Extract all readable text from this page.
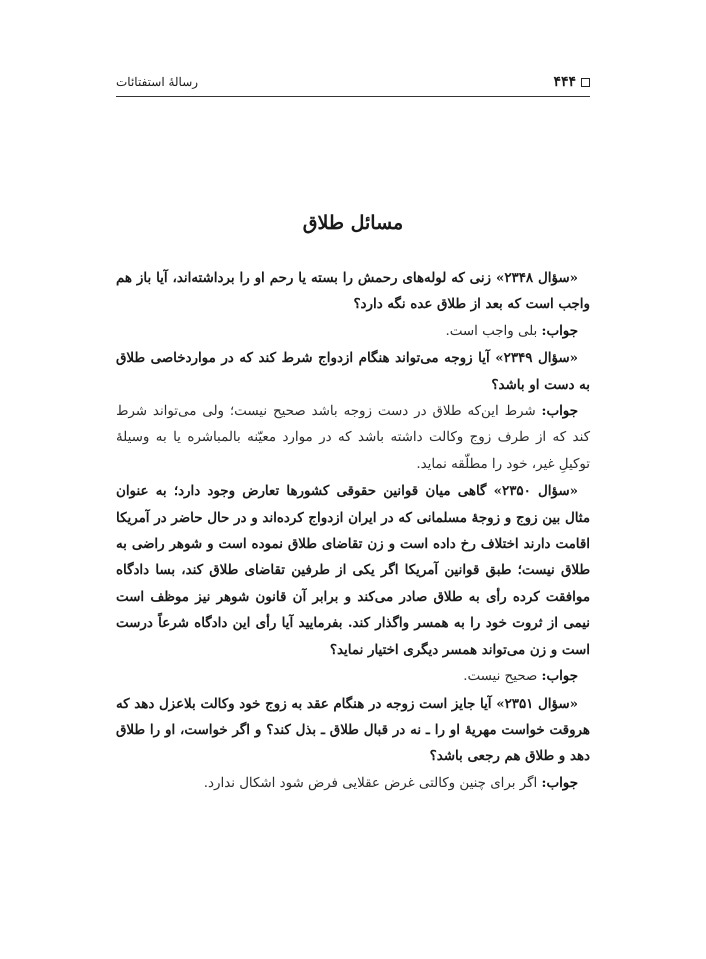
۴۴۴
رسالهٔ استفتائات
مسائل طلاق

«سؤال ۲۳۴۸» زنی که لوله‌های رحمش را بسته یا رحم او را برداشته‌اند، آیا باز هم واجب است که بعد از طلاق عده نگه دارد؟

جواب: بلی واجب است.

«سؤال ۲۳۴۹» آیا زوجه می‌تواند هنگام ازدواج شرط کند که در مواردخاصی طلاق به دست او باشد؟

جواب: شرط این‌که طلاق در دست زوجه باشد صحیح نیست؛ ولی می‌تواند شرط کند که از طرف زوج وکالت داشته باشد که در موارد معیّنه بالمباشره یا به وسیلهٔ توکیلِ غیر، خود را مطلّقه نماید.

«سؤال ۲۳۵۰» گاهی میان قوانین حقوقی کشورها تعارض وجود دارد؛ به عنوان مثال بین زوج و زوجهٔ مسلمانی که در ایران ازدواج کرده‌اند و در حال حاضر در آمریکا اقامت دارند اختلاف رخ داده است و زن تقاضای طلاق نموده است و شوهر راضی به طلاق نیست؛ طبق قوانین آمریکا اگر یکی از طرفین تقاضای طلاق کند، بسا دادگاه موافقت کرده رأی به طلاق صادر می‌کند و برابر آن قانون شوهر نیز موظف است نیمی از ثروت خود را به همسر واگذار کند. بفرمایید آیا رأی این دادگاه شرعاً درست است و زن می‌تواند همسر دیگری اختیار نماید؟

جواب: صحیح نیست.

«سؤال ۲۳۵۱» آیا جایز است زوجه در هنگام عقد به زوج خود وکالت بلاعزل دهد که هروقت خواست مهریهٔ او را ـ نه در قبال طلاق ـ بذل کند؟ و اگر خواست، او را طلاق دهد و طلاق هم رجعی باشد؟

جواب: اگر برای چنین وکالتی غرض عقلایی فرض شود اشکال ندارد.
